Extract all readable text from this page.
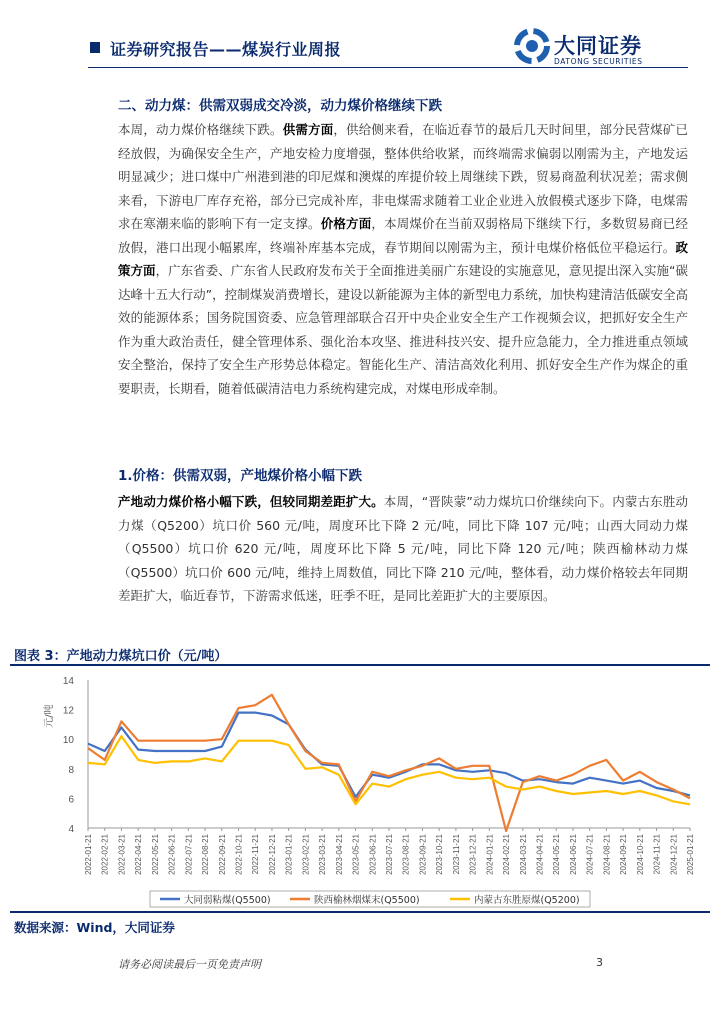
证券研究报告——煤炭行业周报	大同证券
DATONG SECURITIES
二、动力煤：供需双弱成交冷淡，动力煤价格继续下跌
本周，动力煤价格继续下跌。供需方面，供给侧来看，在临近春节的最后几天时间里，部分民营煤矿已经放假，为确保安全生产，产地安检力度增强，整体供给收紧，而终端需求偏弱以刚需为主，产地发运明显减少；进口煤中广州港到港的印尼煤和澳煤的库提价较上周继续下跌，贸易商盈利状况差；需求侧来看，下游电厂库存充裕，部分已完成补库，非电煤需求随着工业企业进入放假模式逐步下降，电煤需求在寒潮来临的影响下有一定支撑。价格方面，本周煤价在当前双弱格局下继续下行，多数贸易商已经放假，港口出现小幅累库，终端补库基本完成，春节期间以刚需为主，预计电煤价格低位平稳运行。政策方面，广东省委、广东省人民政府发布关于全面推进美丽广东建设的实施意见，意见提出深入实施“碳达峰十五大行动”，控制煤炭消费增长，建设以新能源为主体的新型电力系统，加快构建清洁低碳安全高效的能源体系；国务院国资委、应急管理部联合召开中央企业安全生产工作视频会议，把抓好安全生产作为重大政治责任，健全管理体系、强化治本攻坚、推进科技兴安、提升应急能力，全力推进重点领域安全整治，保持了安全生产形势总体稳定。智能化生产、清洁高效化利用、抓好安全生产作为煤企的重要职责，长期看，随着低碳清洁电力系统构建完成，对煤电形成牵制。
1.价格：供需双弱，产地煤价格小幅下跌
产地动力煤价格小幅下跌，但较同期差距扩大。本周，“晋陕蒙”动力煤坑口价继续向下。内蒙古东胜动力煤（Q5200）坑口价 560 元/吨，周度环比下降 2 元/吨，同比下降 107 元/吨；山西大同动力煤（Q5500）坑口价 620 元/吨，周度环比下降 5 元/吨，同比下降 120 元/吨；陕西榆林动力煤（Q5500）坑口价 600 元/吨，维持上周数值，同比下降 210 元/吨，整体看，动力煤价格较去年同期差距扩大，临近春节，下游需求低迷，旺季不旺，是同比差距扩大的主要原因。
图表 3：产地动力煤坑口价（元/吨）
4
6
8
10
12
14
元/吨
2022-01-21 2022-02-21 2022-03-21 2022-04-21 2022-05-21 2022-06-21 2022-07-21 2022-08-21 2022-09-21 2022-10-21 2022-11-21 2022-12-21 2023-01-21 2023-02-21 2023-03-21 2023-04-21 2023-05-21 2023-06-21 2023-07-21 2023-08-21 2023-09-21 2023-10-21 2023-11-21 2023-12-21 2024-01-21 2024-02-21 2024-03-21 2024-04-21 2024-05-21 2024-06-21 2024-07-21 2024-08-21 2024-09-21 2024-10-21 2024-11-21 2024-12-21 2025-01-21
大同弱粘煤(Q5500)	陕西榆林烟煤末(Q5500)	内蒙古东胜原煤(Q5200)
数据来源：Wind，大同证券
请务必阅读最后一页免责声明	3
